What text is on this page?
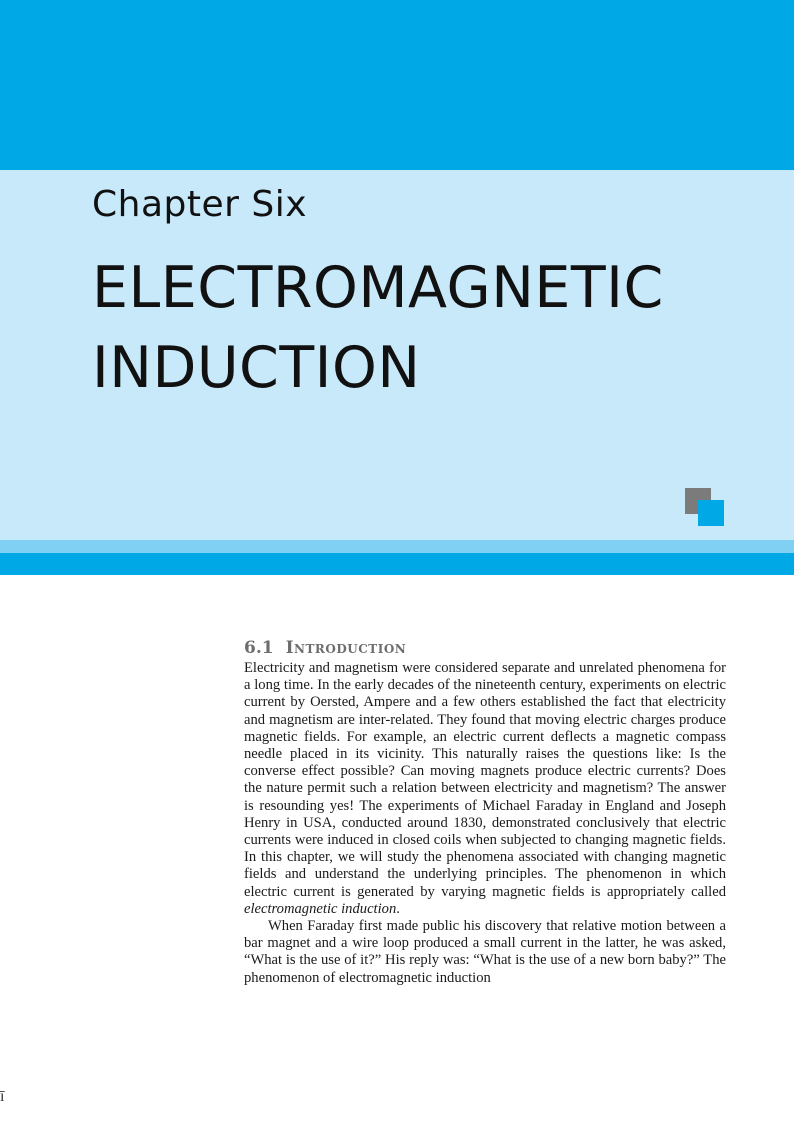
Chapter Six
ELECTROMAGNETIC
INDUCTION
6.1 Introduction

Electricity and magnetism were considered separate and unrelated phenomena for a long time. In the early decades of the nineteenth century, experiments on electric current by Oersted, Ampere and a few others established the fact that electricity and magnetism are inter-related. They found that moving electric charges produce magnetic fields. For example, an electric current deflects a magnetic compass needle placed in its vicinity. This naturally raises the questions like: Is the converse effect possible? Can moving magnets produce electric currents? Does the nature permit such a relation between electricity and magnetism? The answer is resounding yes! The experiments of Michael Faraday in England and Joseph Henry in USA, conducted around 1830, demonstrated conclusively that electric currents were induced in closed coils when subjected to changing magnetic fields. In this chapter, we will study the phenomena associated with changing magnetic fields and understand the underlying principles. The phenomenon in which electric current is generated by varying magnetic fields is appropriately called electromagnetic induction.

When Faraday first made public his discovery that relative motion between a bar magnet and a wire loop produced a small current in the latter, he was asked, “What is the use of it?” His reply was: “What is the use of a new born baby?” The phenomenon of electromagnetic induction

ī
